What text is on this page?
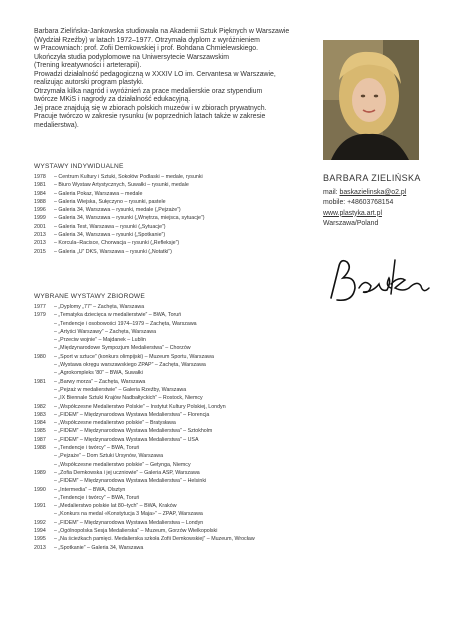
Barbara Zielińska-Jankowska studiowała na Akademii Sztuk Pięknych w Warszawie

(Wydział Rzeźby) w latach 1972–1977. Otrzymała dyplom z wyróżnieniem

w Pracowniach: prof. Zofii Demkowskiej i prof. Bohdana Chmielewskiego.

Ukończyła studia podyplomowe na Uniwersytecie Warszawskim

(Trening kreatywności i arteterapii).

Prowadzi działalność pedagogiczną w XXXIV LO im. Cervantesa w Warszawie,

realizując autorski program plastyki.

Otrzymała kilka nagród i wyróżnień za prace medalierskie oraz stypendium

twórcze MKiS i nagrody za działalność edukacyjną.

Jej prace znajdują się w zbiorach polskich muzeów i w zbiorach prywatnych.

Pracuje twórczo w zakresie rysunku (w poprzednich latach także w zakresie

medalierstwa).

BARBARA ZIELIŃSKA
mail: baskazielinska@o2.pl
mobile: +48603768154
www.plastyka.art.pl
Warszawa/Poland
WYSTAWY INDYWIDUALNE
1978 – Centrum Kultury i Sztuki, Sokołów Podlaski – medale, rysunki
1981 – Biuro Wystaw Artystycznych, Suwałki – rysunki, medale
1984 – Galeria Pokaz, Warszawa – medale
1988 – Galeria Wiejska, Sułęczyno – rysunki, pastele
1996 – Galeria 34, Warszawa – rysunki, medale („Pejzaże”)
1999 – Galeria 34, Warszawa – rysunki („Wnętrza, miejsca, sytuacje”)
2001 – Galeria Test, Warszawa – rysunki („Sytuacje”)
2013 – Galeria 34, Warszawa – rysunki („Spotkanie”)
2013 – Korcula–Racisce, Chorwacja – rysunki („Refleksje”)
2015 – Galeria „U” DKS, Warszawa – rysunki („Notatki”)
WYBRANE WYSTAWY ZBIOROWE
1977 – „Dyplomy „77” – Zachęta, Warszawa
1979 – „Tematyka dziecięca w medalierstwie” – BWA, Toruń
– „Tendencje i osobowości 1974–1979 – Zachęta, Warszawa
– „Artyści Warszawy” – Zachęta, Warszawa
– „Przeciw wojnie” – Majdanek – Lublin
– „Międzynarodowe Sympozjum Medalierstwa” – Chorzów
1980 – „Sport w sztuce” (konkurs olimpijski) – Muzeum Sportu, Warszawa
– „Wystawa okręgu warszawskiego ZPAP” – Zachęta, Warszawa
– „Agrokompleks '80” – BWA, Suwałki
1981 – „Barwy morza” – Zachęta, Warszawa
– „Pejzaż w medalierstwie” – Galeria Rzeźby, Warszawa
– „IX Biennale Sztuki Krajów Nadbałtyckich” – Rostock, Niemcy
1982 – „Współczesne Medalierstwo Polskie” – Instytut Kultury Polskiej, Londyn
1983 – „FIDEM” – Międzynarodowa Wystawa Medalierstwa” – Florencja
1984 – „Współczesne medalierstwo polskie” – Bratysława
1985 – „FIDEM” – Międzynarodowa Wystawa Medalierstwa” – Sztokholm
1987 – „FIDEM” – Międzynarodowa Wystawa Medalierstwa” – USA
1988 – „Tendencje i twórcy” – BWA, Toruń
– „Pejzaże” – Dom Sztuki Ursynów, Warszawa
– „Współczesne medalierstwo polskie” – Getynga, Niemcy
1989 – „Zofia Demkowska i jej uczniowie” – Galeria ASP, Warszawa
– „FIDEM” – Międzynarodowa Wystawa Medalierstwa” – Helsinki
1990 – „Intermedia” – BWA, Olsztyn
– „Tendencje i twórcy” – BWA, Toruń
1991 – „Medalierstwo polskie lat 80–tych” – BWA, Kraków
– „Konkurs na medal «Konstytucja 3 Maja»” – ZPAP, Warszawa
1992 – „FIDEM” – Międzynarodowa Wystawa Medalierstwa – Londyn
1994 – „Ogólnopolska Sesja Medalierska” – Muzeum, Gorzów Wielkopolski
1995 – „Na ścieżkach pamięci. Medalierska szkoła Zofii Demkowskiej” – Muzeum, Wrocław
2013 – „Spotkanie” – Galeria 34, Warszawa
